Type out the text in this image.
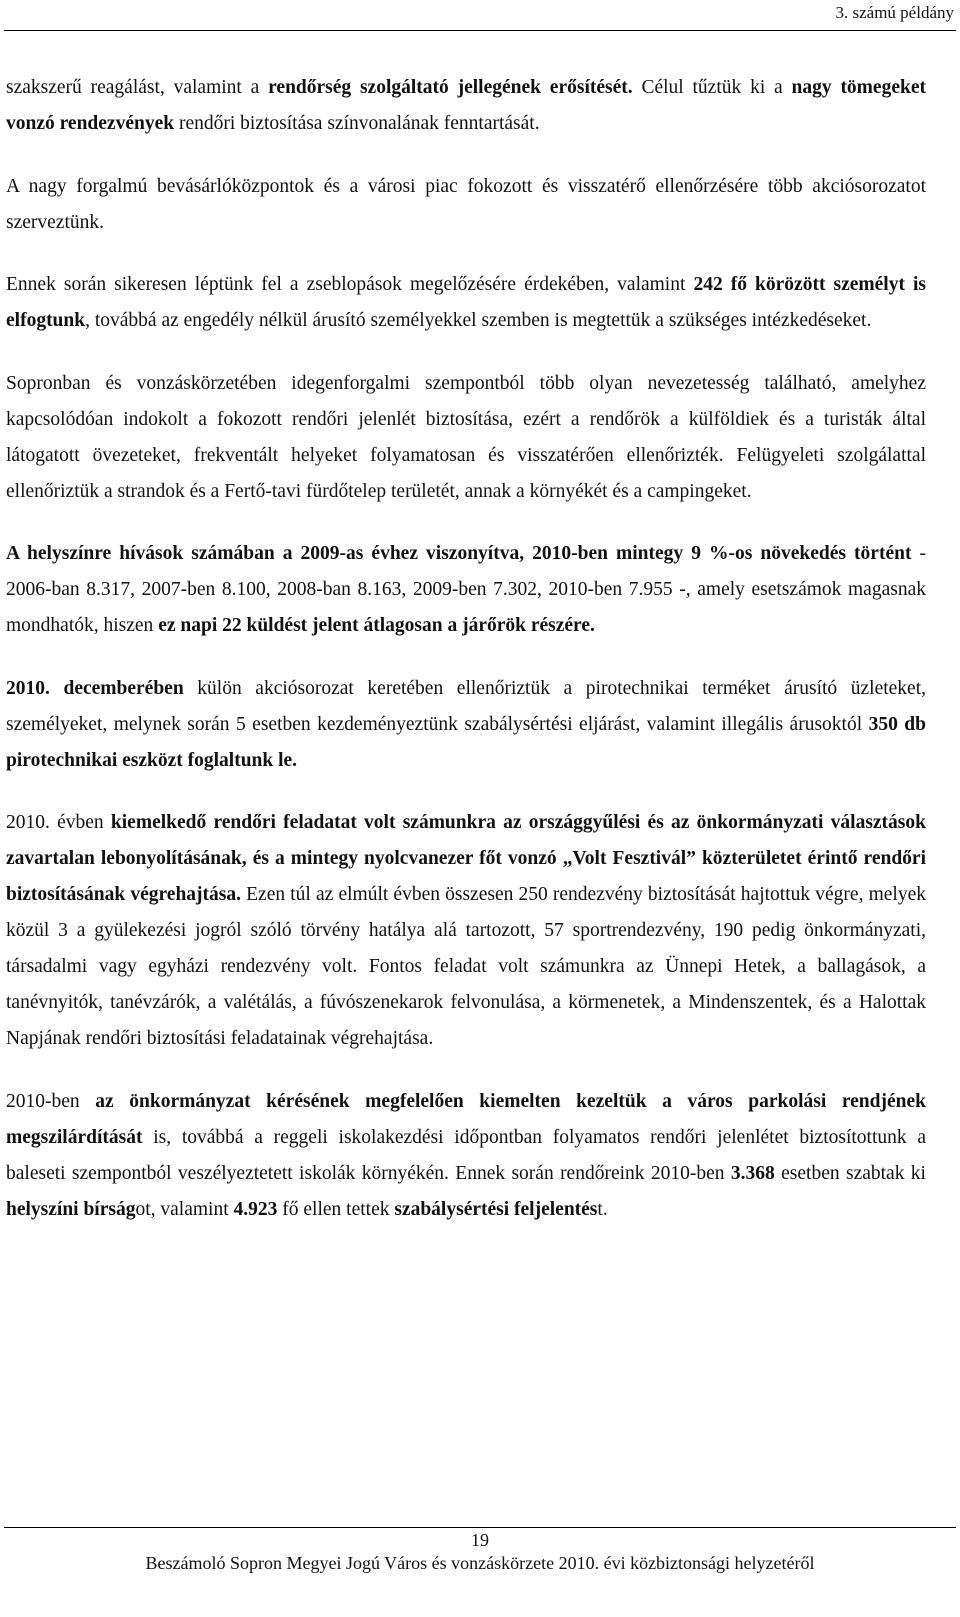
3. számú példány

szakszerű reagálást, valamint a rendőrség szolgáltató jellegének erősítését. Célul tűztük ki a nagy tömegeket vonzó rendezvények rendőri biztosítása színvonalának fenntartását.

A nagy forgalmú bevásárlóközpontok és a városi piac fokozott és visszatérő ellenőrzésére több akciósorozatot szerveztünk.

Ennek során sikeresen léptünk fel a zseblopások megelőzésére érdekében, valamint 242 fő körözött személyt is elfogtunk, továbbá az engedély nélkül árusító személyekkel szemben is megtettük a szükséges intézkedéseket.

Sopronban és vonzáskörzetében idegenforgalmi szempontból több olyan nevezetesség található, amelyhez kapcsolódóan indokolt a fokozott rendőri jelenlét biztosítása, ezért a rendőrök a külföldiek és a turisták által látogatott övezeteket, frekventált helyeket folyamatosan és visszatérően ellenőrizték. Felügyeleti szolgálattal ellenőriztük a strandok és a Fertő-tavi fürdőtelep területét, annak a környékét és a campingeket.

A helyszínre hívások számában a 2009-as évhez viszonyítva, 2010-ben mintegy 9 %-os növekedés történt - 2006-ban 8.317, 2007-ben 8.100, 2008-ban 8.163, 2009-ben 7.302, 2010-ben 7.955 -, amely esetszámok magasnak mondhatók, hiszen ez napi 22 küldést jelent átlagosan a járőrök részére.

2010. decemberében külön akciósorozat keretében ellenőriztük a pirotechnikai terméket árusító üzleteket, személyeket, melynek során 5 esetben kezdeményeztünk szabálysértési eljárást, valamint illegális árusoktól 350 db pirotechnikai eszközt foglaltunk le.

2010. évben kiemelkedő rendőri feladatat volt számunkra az országgyűlési és az önkormányzati választások zavartalan lebonyolításának, és a mintegy nyolcvanezer főt vonzó „Volt Fesztivál” közterületet érintő rendőri biztosításának végrehajtása. Ezen túl az elmúlt évben összesen 250 rendezvény biztosítását hajtottuk végre, melyek közül 3 a gyülekezési jogról szóló törvény hatálya alá tartozott, 57 sportrendezvény, 190 pedig önkormányzati, társadalmi vagy egyházi rendezvény volt. Fontos feladat volt számunkra az Ünnepi Hetek, a ballagások, a tanévnyitók, tanévzárók, a valétálás, a fúvószenekarok felvonulása, a körmenetek, a Mindenszentek, és a Halottak Napjának rendőri biztosítási feladatainak végrehajtása.

2010-ben az önkormányzat kérésének megfelelően kiemelten kezeltük a város parkolási rendjének megszilárdítását is, továbbá a reggeli iskolakezdési időpontban folyamatos rendőri jelenlétet biztosítottunk a baleseti szempontból veszélyeztetett iskolák környékén. Ennek során rendőreink 2010-ben 3.368 esetben szabtak ki helyszíni bírságot, valamint 4.923 fő ellen tettek szabálysértési feljelentést.

19
Beszámoló Sopron Megyei Jogú Város és vonzáskörzete 2010. évi közbiztonsági helyzetéről
